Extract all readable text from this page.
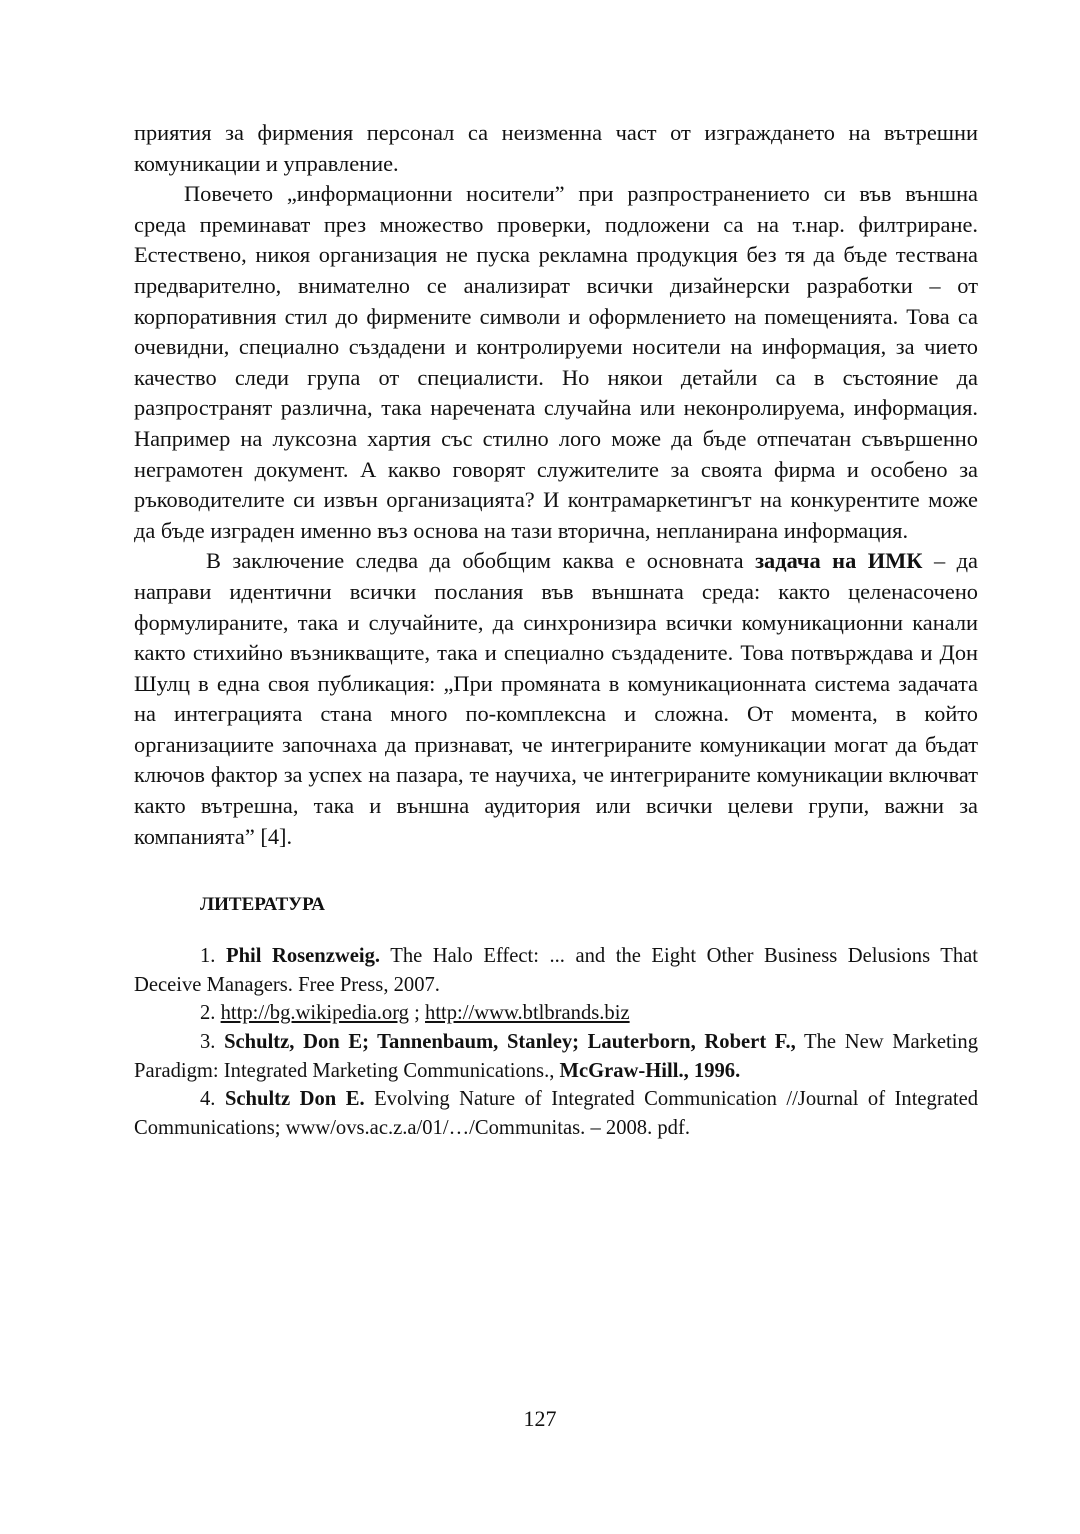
приятия за фирмения персонал са неизменна част от изграждането на вътрешни комуникации и управление.

Повечето „информационни носители” при разпространението си във външна среда преминават през множество проверки, подложени са на т.нар. филтриране. Естествено, никоя организация не пуска рекламна продукция без тя да бъде тествана предварително, внимателно се анализират всички дизайнерски разработки – от корпоративния стил до фирмените символи и оформлението на помещенията. Това са очевидни, специално създадени и контролируеми носители на информация, за чието качество следи група от специалисти. Но някои детайли са в състояние да разпространят различна, така наречената случайна или неконролируема, информация. Например на луксозна хартия със стилно лого може да бъде отпечатан съвършенно неграмотен документ. А какво говорят служителите за своята фирма и особено за ръководителите си извън организацията? И контрамаркетингът на конкурентите може да бъде изграден именно въз основа на тази вторична, непланирана информация.

В заключение следва да обобщим каква е основната задача на ИМК – да направи идентични всички послания във външната среда: както целенасочено формулираните, така и случайните, да синхронизира всички комуникационни канали както стихийно възникващите, така и специално създадените. Това потвърждава и Дон Шулц в една своя публикация: „При промяната в комуникационната система задачата на интеграцията стана много по-комплексна и сложна. От момента, в който организациите започнаха да признават, че интегрираните комуникации могат да бъдат ключов фактор за успех на пазара, те научиха, че интегрираните комуникации включват както вътрешна, така и външна аудитория или всички целеви групи, важни за компанията” [4].

ЛИТЕРАТУРА

1. Phil Rosenzweig. The Halo Effect: ... and the Eight Other Business Delusions That Deceive Managers. Free Press, 2007.

2. http://bg.wikipedia.org ; http://www.btlbrands.biz

3. Schultz, Don E; Tannenbaum, Stanley; Lauterborn, Robert F., The New Marketing Paradigm: Integrated Marketing Communications., McGraw-Hill., 1996.

4. Schultz Don E. Evolving Nature of Integrated Communication //Journal of Integrated Communications; www/ovs.ac.z.a/01/…/Communitas. – 2008. pdf.

127
